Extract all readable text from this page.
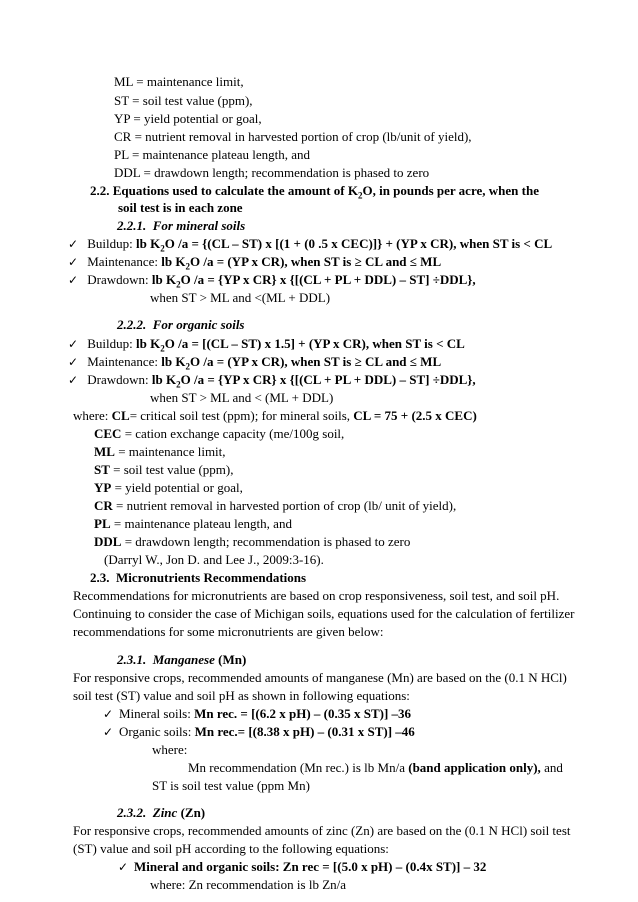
ML = maintenance limit,
ST = soil test value (ppm),
YP = yield potential or goal,
CR = nutrient removal in harvested portion of crop (lb/unit of yield),
PL = maintenance plateau length, and
DDL = drawdown length; recommendation is phased to zero
2.2. Equations used to calculate the amount of $K_2O$, in pounds per acre, when the
soil test is in each zone
2.2.1. For mineral soils
✓ Buildup: lb $K_2O$ /a = {(CL – ST) x [(1 + (0 .5 x CEC)]} + (YP x CR), when ST is < CL
✓ Maintenance: lb $K_2O$ /a = (YP x CR), when ST is ≥ CL and ≤ ML
✓ Drawdown: lb $K_2O$ /a = {YP x CR} x {[(CL + PL + DDL) – ST] ÷DDL},
when ST > ML and <(ML + DDL)
2.2.2. For organic soils
✓ Buildup: lb $K_2O$ /a = [(CL – ST) x 1.5] + (YP x CR), when ST is < CL
✓ Maintenance: lb $K_2O$ /a = (YP x CR), when ST is ≥ CL and ≤ ML
✓ Drawdown: lb $K_2O$ /a = {YP x CR} x {[(CL + PL + DDL) – ST] ÷DDL},
when ST > ML and < (ML + DDL)
where: CL= critical soil test (ppm); for mineral soils, CL = 75 + (2.5 x CEC)
CEC = cation exchange capacity (me/100g soil,
ML = maintenance limit,
ST = soil test value (ppm),
YP = yield potential or goal,
CR = nutrient removal in harvested portion of crop (lb/ unit of yield),
PL = maintenance plateau length, and
DDL = drawdown length; recommendation is phased to zero
(Darryl W., Jon D. and Lee J., 2009:3-16).
2.3. Micronutrients Recommendations
Recommendations for micronutrients are based on crop responsiveness, soil test, and soil pH.
Continuing to consider the case of Michigan soils, equations used for the calculation of fertilizer
recommendations for some micronutrients are given below:
2.3.1. Manganese (Mn)
For responsive crops, recommended amounts of manganese (Mn) are based on the (0.1 N HCl)
soil test (ST) value and soil pH as shown in following equations:
✓ Mineral soils: Mn rec. = [(6.2 x pH) – (0.35 x ST)] –36
✓ Organic soils: Mn rec.= [(8.38 x pH) – (0.31 x ST)] –46
where:
Mn recommendation (Mn rec.) is lb Mn/a (band application only), and
ST is soil test value (ppm Mn)
2.3.2. Zinc (Zn)
For responsive crops, recommended amounts of zinc (Zn) are based on the (0.1 N HCl) soil test
(ST) value and soil pH according to the following equations:
✓ Mineral and organic soils: Zn rec = [(5.0 x pH) – (0.4x ST)] – 32
where: Zn recommendation is lb Zn/a
